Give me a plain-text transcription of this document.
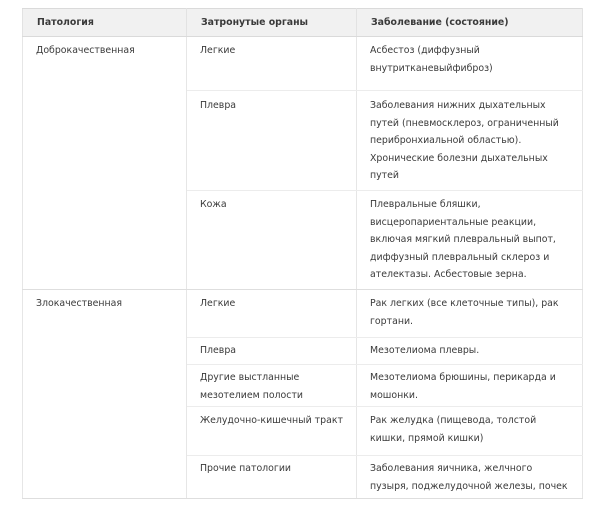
Патология	Затронутые органы	Заболевание (состояние)
Доброкачественная	Легкие	Асбестоз (диффузный внутритканевыйфиброз)
	Плевра	Заболевания нижних дыхательных путей (пневмосклероз, ограниченный перибронхиальной областью). Хронические болезни дыхательных путей
	Кожа	Плевральные бляшки, висцеропариентальные реакции, включая мягкий плевральный выпот, диффузный плевральный склероз и ателектазы. Асбестовые зерна.
Злокачественная	Легкие	Рак легких (все клеточные типы), рак гортани.
	Плевра	Мезотелиома плевры.
	Другие выстланные мезотелием полости	Мезотелиома брюшины, перикарда и мошонки.
	Желудочно-кишечный тракт	Рак желудка (пищевода, толстой кишки, прямой кишки)
	Прочие патологии	Заболевания яичника, желчного пузыря, поджелудочной железы, почек
